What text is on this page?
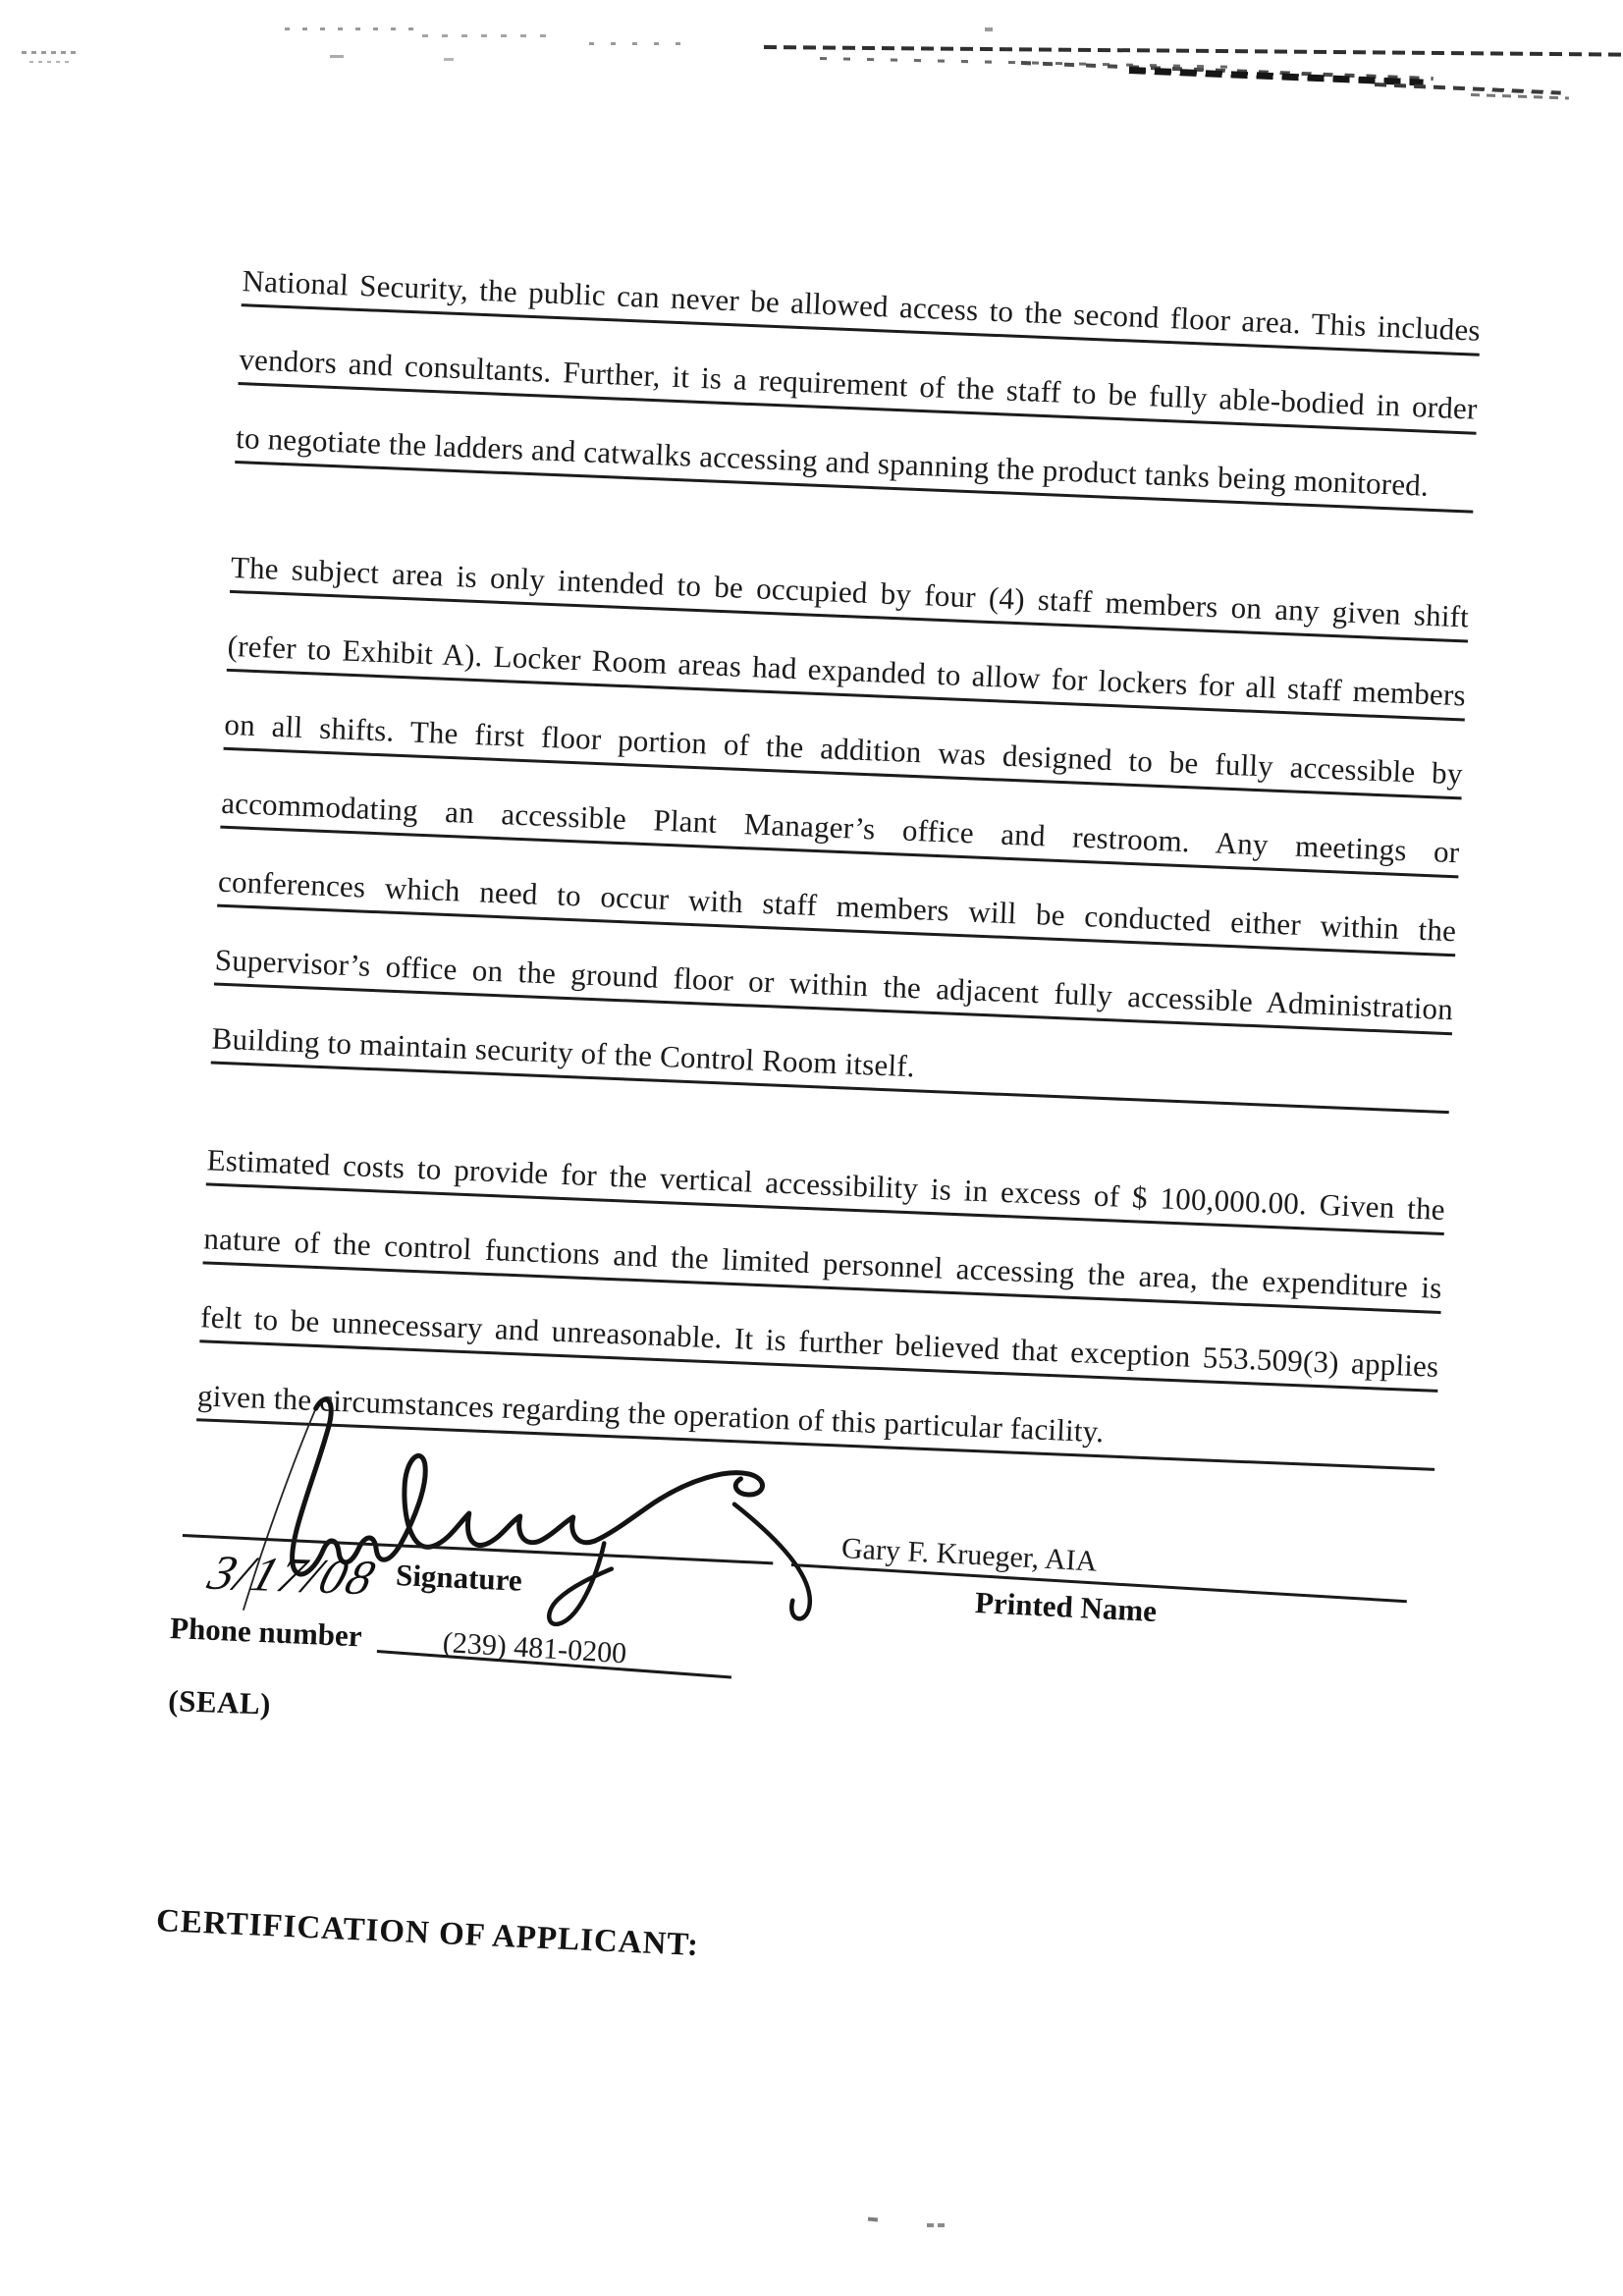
National Security, the public can never be allowed access to the second floor area. This includes
vendors and consultants. Further, it is a requirement of the staff to be fully able-bodied in order
to negotiate the ladders and catwalks accessing and spanning the product tanks being monitored.
The subject area is only intended to be occupied by four (4) staff members on any given shift
(refer to Exhibit A). Locker Room areas had expanded to allow for lockers for all staff members
on all shifts. The first floor portion of the addition was designed to be fully accessible by
accommodating an accessible Plant Manager’s office and restroom. Any meetings or
conferences which need to occur with staff members will be conducted either within the
Supervisor’s office on the ground floor or within the adjacent fully accessible Administration
Building to maintain security of the Control Room itself.
Estimated costs to provide for the vertical accessibility is in excess of $ 100,000.00. Given the
nature of the control functions and the limited personnel accessing the area, the expenditure is
felt to be unnecessary and unreasonable. It is further believed that exception 553.509(3) applies
given the circumstances regarding the operation of this particular facility.
3/17/08 Signature	Gary F. Krueger, AIA
Printed Name
Phone number	(239) 481-0200
(SEAL)
CERTIFICATION OF APPLICANT:
